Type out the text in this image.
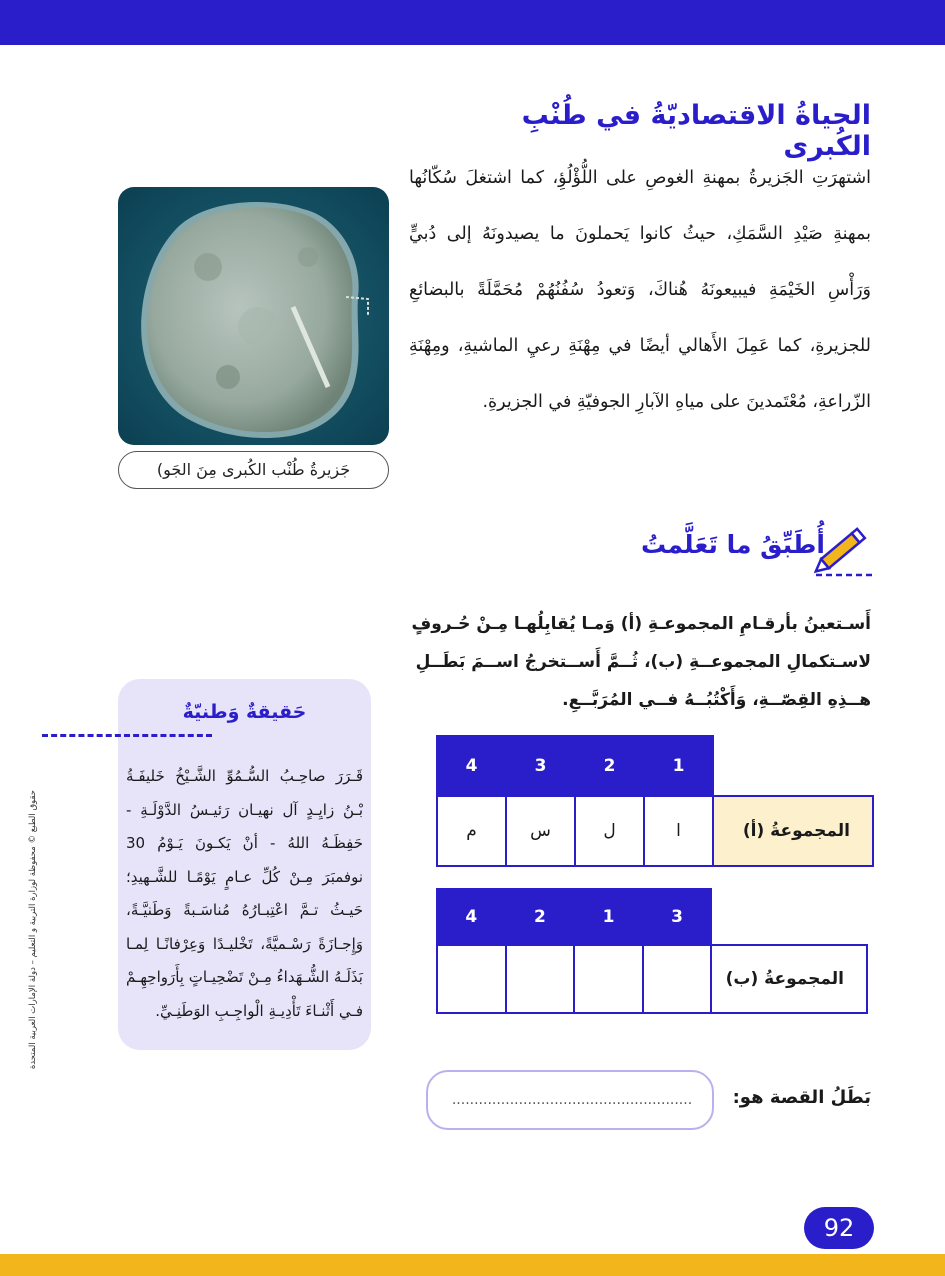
الحياةُ الاقتصاديّةُ في طُنْبِ الكُبرى

اشتهرَتِ الجَزيرةُ بمهنةِ الغوصِ على اللُّؤْلُؤِ، كما اشتغلَ سُكّانُها بمهنةِ صَيْدِ السَّمَكِ، حيثُ كانوا يَحملونَ ما يصيدونَهُ إلى دُبيٍّ وَرَأْسِ الخَيْمَةِ فيبيعونَهُ هُناكَ، وَتعودُ سُفُنُهُمْ مُحَمَّلَةً بالبضائعِ للجزيرةِ، كما عَمِلَ الأَهالي أيضًا في مِهْنَةِ رعيِ الماشيةِ، ومِهْنَةِ الزّراعةِ، مُعْتَمدينَ على مياهِ الآبارِ الجوفيّةِ في الجزيرةِ.

جَزيرةُ طُنْب الكُبرى مِنَ الجَو)
أُطَبِّقُ ما تَعَلَّمتُ

أَسـتعينُ بأرقـامِ المجموعـةِ (أ) وَمـا يُقابِلُهـا مِـنْ حُـروفٍ لاسـتكمالِ المجموعــةِ (ب)، ثُــمَّ أَســتخرجُ اســمَ بَطَــلِ هــذِهِ القِصّــةِ، وَأَكْتُبُــهُ فــي المُرَبَّــعِ.

	1	2	3	4
المجموعةُ (أ)	ا	ل	س	م
	3	1	2	4
المجموعةُ (ب)				
حَقيقةٌ وَطنيّةٌ

قَـرَرَ صاحِـبُ السُّـمُوِّ الشَّـيْخُ خَليفَـةُ بْـنُ زايِـدٍ آل نهيـان رَئيـسُ الدَّوْلَـةِ - حَفِظَـهُ اللهُ - أنْ يَكـونَ يَـوْمُ 30 نوفمبَرَ مِـنْ كُلِّ عـامٍ يَوْمًـا للشَّـهيدِ؛ حَيـثُ تـمَّ اعْتِبـارُهُ مُناسَـبةً وَطَنيَّـةً، وَإِجـازَةً رَسْـميَّةً، تَخْليـدًا وَعِرْفانًـا لِمـا بَذَلَـهُ الشُّـهَداءُ مِـنْ تَضْحِيـاتٍ بِأَرَواحِهِـمْ فـي أَثْنـاءَ تَأْدِيـةِ الْواجِـبِ الوَطَنِـيِّ.

حقوق الطبع © محفوظة لوزارة التربية و التعليم – دولة الإمارات العربية المتحدة
بَطَلُ القصة هو:
......................................................
92
